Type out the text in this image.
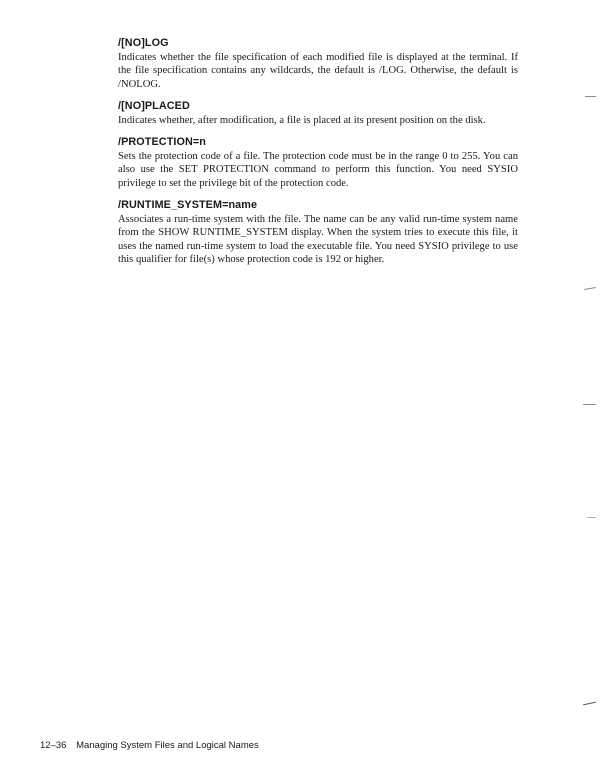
/[NO]LOG

Indicates whether the file specification of each modified file is displayed at the terminal. If the file specification contains any wildcards, the default is /LOG. Otherwise, the default is /NOLOG.

/[NO]PLACED

Indicates whether, after modification, a file is placed at its present position on the disk.

/PROTECTION=n

Sets the protection code of a file. The protection code must be in the range 0 to 255. You can also use the SET PROTECTION command to perform this function. You need SYSIO privilege to set the privilege bit of the protection code.

/RUNTIME_SYSTEM=name

Associates a run-time system with the file. The name can be any valid run-time system name from the SHOW RUNTIME_SYSTEM display. When the system tries to execute this file, it uses the named run-time system to load the executable file. You need SYSIO privilege to use this qualifier for file(s) whose protection code is 192 or higher.

12–36 Managing System Files and Logical Names
